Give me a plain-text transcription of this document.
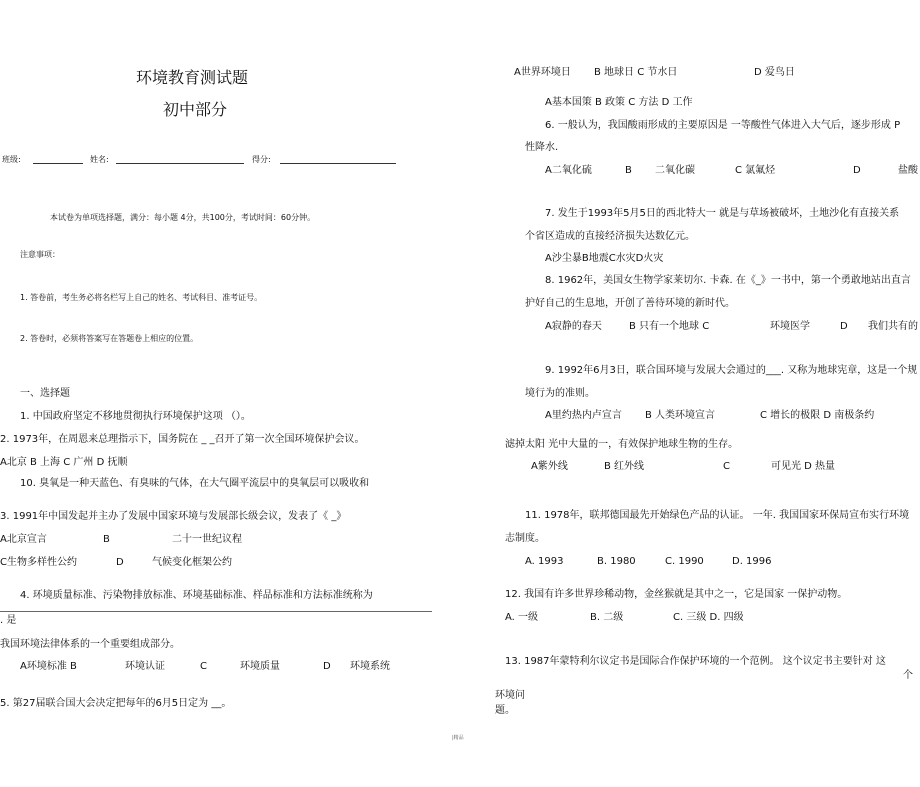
环境教育测试题
初中部分
班级:	姓名:	得分:
本试卷为单项选择题，满分：每小题 4分，共100分，考试时间：60分钟。
注意事项：
1. 答卷前，考生务必将名栏写上自己的姓名、考试科目、准考证号。
2. 答卷时，必须将答案写在答题卷上相应的位置。
一、选择题
1. 中国政府坚定不移地贯彻执行环境保护这项 （）。
2. 1973年，在周恩来总理指示下，国务院在 _ _召开了第一次全国环境保护会议。
A北京 B 上海 C 广州 D 抚顺
10. 臭氧是一种天蓝色、有臭味的气体，在大气圈平流层中的臭氧层可以吸收和
3. 1991年中国发起并主办了发展中国家环境与发展部长级会议，发表了《 _》
A北京宣言	B	二十一世纪议程
C生物多样性公约	D	气候变化框架公约
4. 环境质量标准、污染物排放标准、环境基础标准、样品标准和方法标准统称为
. 是
我国环境法律体系的一个重要组成部分。
A环境标准 B	环境认证	C	环境质量	D 环境系统
5. 第27届联合国大会决定把每年的6月5日定为 __。
A世界环境日 B 地球日 C 节水日	D 爱鸟日
A基本国策 B 政策 C 方法 D 工作
6. 一般认为，我国酸雨形成的主要原因是 一等酸性气体进入大气后，逐步形成 P
性降水.
A二氧化硫	B 二氧化碳	C 氯氟烃	D	盐酸
7. 发生于1993年5月5日的西北特大一 就是与草场被破坏，土地沙化有直接关系
个省区造成的直接经济损失达数亿元。
A沙尘暴B地震C水灾D火灾
8. 1962年，美国女生物学家莱切尔. 卡森. 在《_》一书中，第一个勇敢地站出直言
护好自己的生息地，开创了善待环境的新时代。
A寂静的春天	B 只有一个地球 C	环境医学	D 我们共有的
9. 1992年6月3日，联合国环境与发展大会通过的___. 又称为地球宪章，这是一个规
境行为的准则。
A里约热内卢宣言 B 人类环境宣言	C 增长的极限 D 南极条约
滤掉太阳 光中大量的一，有效保护地球生物的生存。
A紫外线	B 红外线	C	可见光 D 热量
11. 1978年，联邦德国最先开始绿色产品的认证。 一年. 我国国家环保局宣布实行环境
志制度。
A. 1993	B. 1980	C. 1990	D. 1996
12. 我国有许多世界珍稀动物，金丝猴就是其中之一，它是国家 一保护动物。
A. 一级	B. 二级	C. 三级 D. 四级
13. 1987年蒙特利尔议定书是国际合作保护环境的一个范例。 这个议定书主要针对 这
个
环境问
题。
|精品
